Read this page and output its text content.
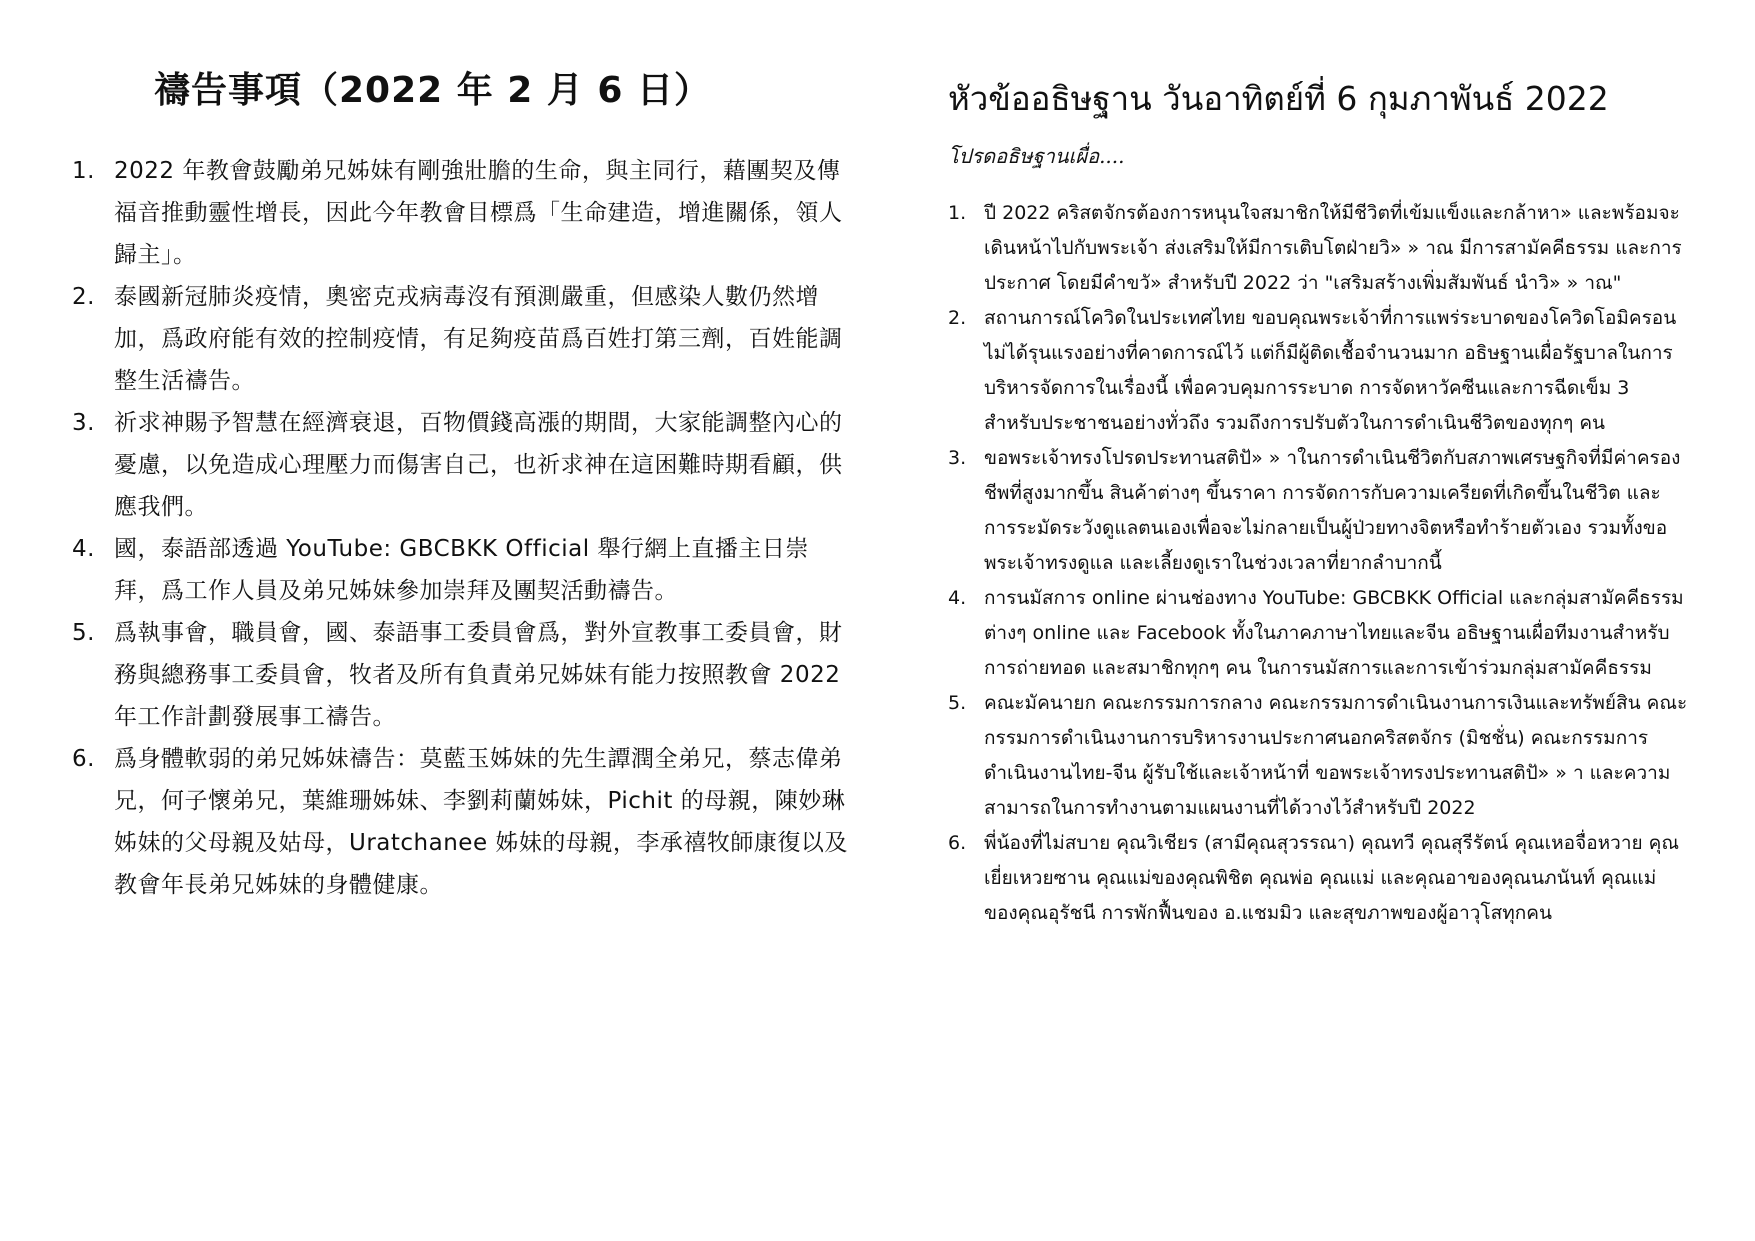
禱告事項（2022 年 2 月 6 日）
1. 2022 年教會鼓勵弟兄姊妹有剛強壯膽的生命，與主同行，藉團契及傳福音推動靈性增長，因此今年教會目標爲「生命建造，增進關係，領人歸主」。
2. 泰國新冠肺炎疫情，奧密克戎病毒沒有預測嚴重，但感染人數仍然增加，爲政府能有效的控制疫情，有足夠疫苗爲百姓打第三劑，百姓能調整生活禱告。
3. 祈求神賜予智慧在經濟衰退，百物價錢高漲的期間，大家能調整內心的憂慮，以免造成心理壓力而傷害自己，也祈求神在這困難時期看顧，供應我們。
4. 國，泰語部透過 YouTube: GBCBKK Official 舉行網上直播主日崇拜，爲工作人員及弟兄姊妹參加崇拜及團契活動禱告。
5. 爲執事會，職員會，國、泰語事工委員會爲，對外宣教事工委員會，財務與總務事工委員會，牧者及所有負責弟兄姊妹有能力按照教會 2022 年工作計劃發展事工禱告。
6. 爲身體軟弱的弟兄姊妹禱告：莫藍玉姊妹的先生譚潤全弟兄，蔡志偉弟兄，何子懷弟兄，葉維珊姊妹、李劉莉蘭姊妹，Pichit 的母親，陳妙琳姊妹的父母親及姑母，Uratchanee 姊妹的母親，李承禧牧師康復以及教會年長弟兄姊妹的身體健康。
หัวข้ออธิษฐาน วันอาทิตย์ที่ 6 กุมภาพันธ์ 2022

โปรดอธิษฐานเผื่อ....

1. ปี 2022 คริสตจักรต้องการหนุนใจสมาชิกให้มีชีวิตที่เข้มแข็งและกล้าหา» และพร้อมจะเดินหน้าไปกับพระเจ้า ส่งเสริมให้มีการเติบโตฝ่ายวิ» » าณ มีการสามัคคีธรรม และการประกาศ โดยมีคำขวั» สำหรับปี 2022 ว่า "เสริมสร้างเพิ่มสัมพันธ์ นำวิ» » าณ"
2. สถานการณ์โควิดในประเทศไทย ขอบคุณพระเจ้าที่การแพร่ระบาดของโควิดโอมิครอนไม่ได้รุนแรงอย่างที่คาดการณ์ไว้ แต่ก็มีผู้ติดเชื้อจำนวนมาก อธิษฐานเผื่อรัฐบาลในการบริหารจัดการในเรื่องนี้ เพื่อควบคุมการระบาด การจัดหาวัคซีนและการฉีดเข็ม 3 สำหรับประชาชนอย่างทั่วถึง รวมถึงการปรับตัวในการดำเนินชีวิตของทุกๆ คน
3. ขอพระเจ้าทรงโปรดประทานสติปั» » าในการดำเนินชีวิตกับสภาพเศรษฐกิจที่มีค่าครองชีพที่สูงมากขึ้น สินค้าต่างๆ ขึ้นราคา การจัดการกับความเครียดที่เกิดขึ้นในชีวิต และการระมัดระวังดูแลตนเองเพื่อจะไม่กลายเป็นผู้ป่วยทางจิตหรือทำร้ายตัวเอง รวมทั้งขอพระเจ้าทรงดูแล และเลี้ยงดูเราในช่วงเวลาที่ยากลำบากนี้
4. การนมัสการ online ผ่านช่องทาง YouTube: GBCBKK Official และกลุ่มสามัคคีธรรมต่างๆ online และ Facebook ทั้งในภาคภาษาไทยและจีน อธิษฐานเผื่อทีมงานสำหรับการถ่ายทอด และสมาชิกทุกๆ คน ในการนมัสการและการเข้าร่วมกลุ่มสามัคคีธรรม
5. คณะมัคนายก คณะกรรมการกลาง คณะกรรมการดำเนินงานการเงินและทรัพย์สิน คณะกรรมการดำเนินงานการบริหารงานประกาศนอกคริสตจักร (มิชชั่น) คณะกรรมการดำเนินงานไทย-จีน ผู้รับใช้และเจ้าหน้าที่ ขอพระเจ้าทรงประทานสติปั» » า และความสามารถในการทำงานตามแผนงานที่ได้วางไว้สำหรับปี 2022
6. พี่น้องที่ไม่สบาย คุณวิเชียร (สามีคุณสุวรรณา) คุณทวี คุณสุรีรัตน์ คุณเหอจื่อหวาย คุณเยี่ยเหวยซาน คุณแม่ของคุณพิชิต คุณพ่อ คุณแม่ และคุณอาของคุณนภนันท์ คุณแม่ของคุณอุรัชนี การพักฟื้นของ อ.แชมมิว และสุขภาพของผู้อาวุโสทุกคน
